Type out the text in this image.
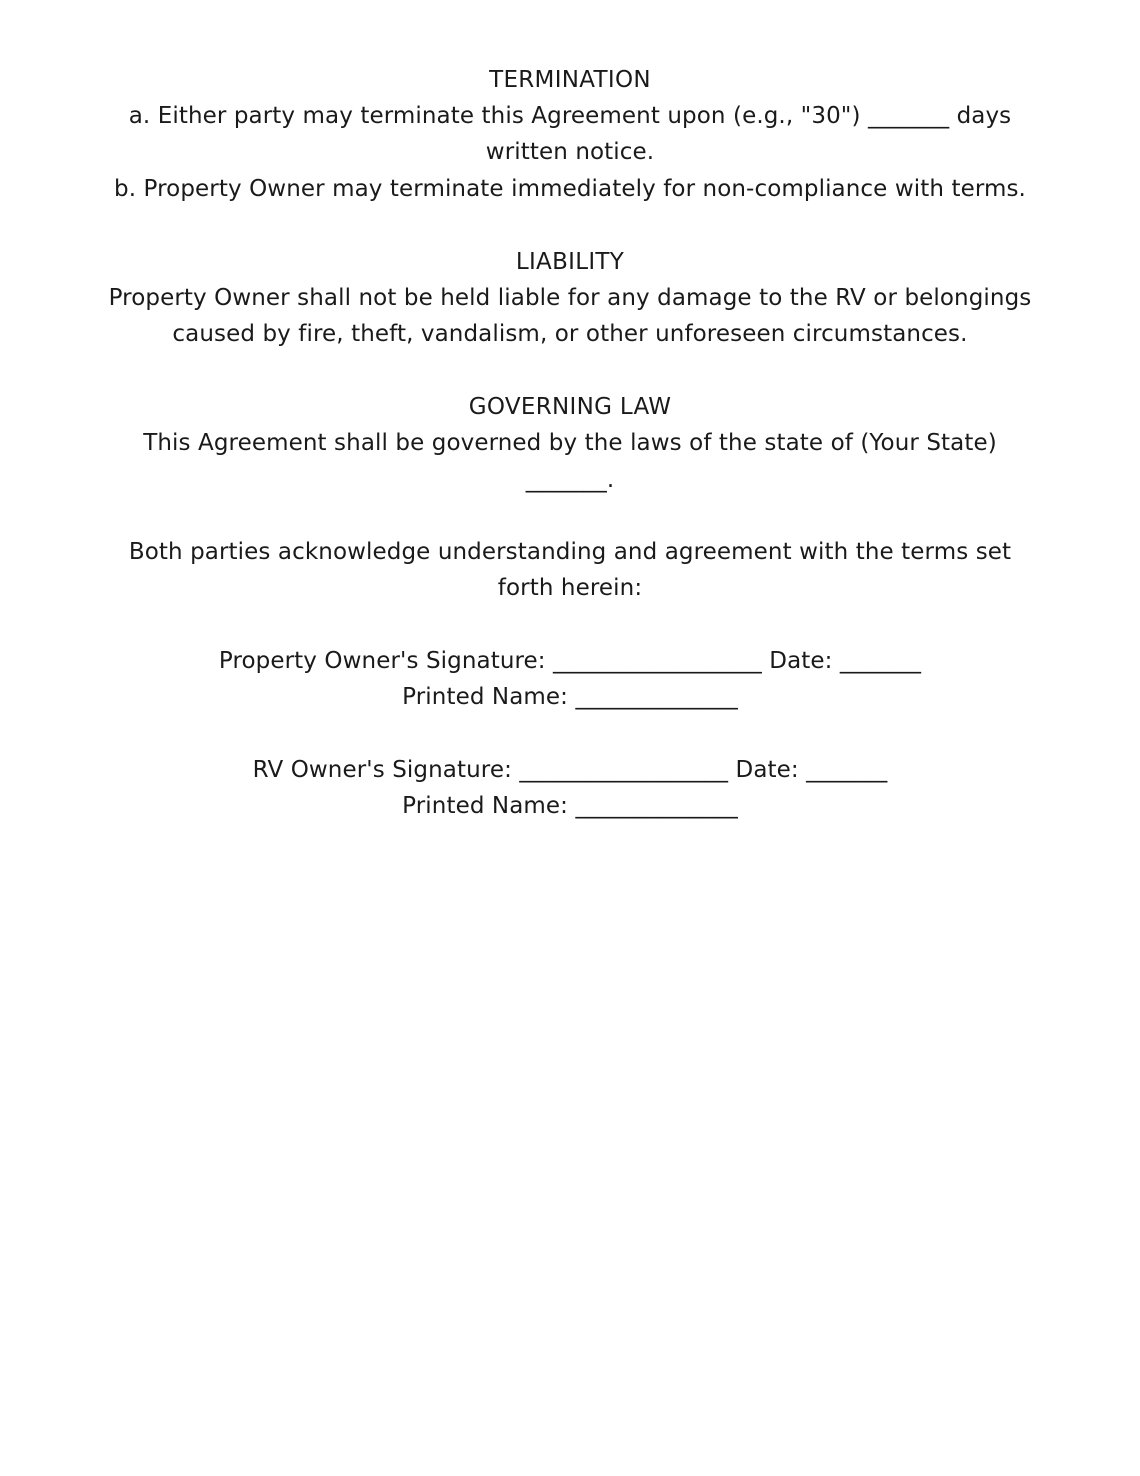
TERMINATION
a. Either party may terminate this Agreement upon (e.g., "30") _______ days
written notice.
b. Property Owner may terminate immediately for non-compliance with terms.
LIABILITY
Property Owner shall not be held liable for any damage to the RV or belongings
caused by fire, theft, vandalism, or other unforeseen circumstances.
GOVERNING LAW
This Agreement shall be governed by the laws of the state of (Your State)
_______.
Both parties acknowledge understanding and agreement with the terms set
forth herein:
Property Owner's Signature: __________________ Date: _______
Printed Name: ______________
RV Owner's Signature: __________________ Date: _______
Printed Name: ______________
